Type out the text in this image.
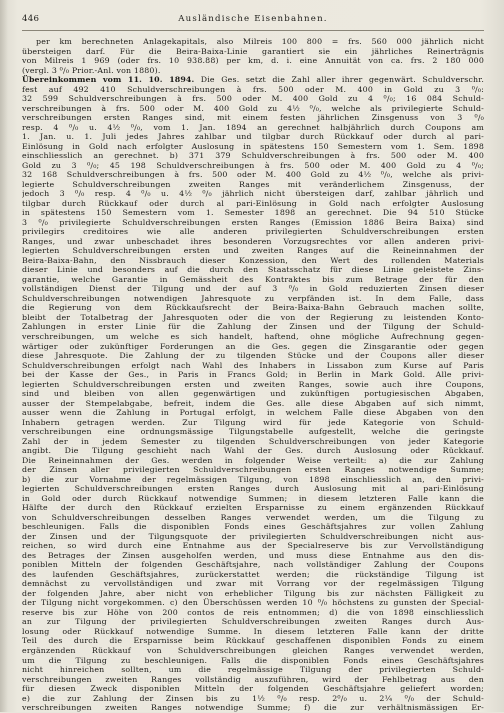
446	Ausländische Eisenbahnen.
per km berechneten Anlagekapitals, also Milreis 100 800 = frs. 560 000 jährlich nicht
übersteigen darf. Für die Beira-Baixa-Linie garantiert sie ein jährliches Reinerträgnis
von Milreis 1 969 (oder frs. 10 938.88) per km, d. i. eine Annuität von ca. frs. 2 180 000
(vergl. 3 ⁰/₀ Prior.-Anl. von 1880).
Übereinkommen vom 11. 10. 1894. Die Ges. setzt die Zahl aller ihrer gegenwärt. Schuldverschr.
fest auf 492 410 Schuldverschreibungen à frs. 500 oder M. 400 in Gold zu 3 ⁰/₀:
32 599 Schuldverschreibungen à frs. 500 oder M. 400 Gold zu 4 ⁰/₀; 16 084 Schuld-
verschreibungen à frs. 500 oder M. 400 Gold zu 4½ ⁰/₀, welche als privilegierte Schuld-
verschreibungen ersten Ranges sind, mit einem festen jährlichen Zinsgenuss von 3 ⁰/₀
resp. 4 ⁰/₀ u. 4½ ⁰/₀, vom 1. Jan. 1894 an gerechnet halbjährlich durch Coupons am
1. Jan. u. 1. Juli jedes Jahres zahlbar und tilgbar durch Rückkauf oder durch al pari-
Einlösung in Gold nach erfolgter Auslosung in spätestens 150 Semestern vom 1. Sem. 1898
einschliesslich an gerechnet. b) 371 379 Schuldverschreibungen à frs. 500 oder M. 400
Gold zu 3 ⁰/₀; 45 198 Schuldverschreibungen à frs. 500 oder M. 400 Gold zu 4 ⁰/₀;
32 168 Schuldverschreibungen à frs. 500 oder M. 400 Gold zu 4½ ⁰/₀, welche als privi-
legierte Schuldverschreibungen zweiten Ranges mit veränderlichem Zinsgenuss, der
jedoch 3 ⁰/₀ resp. 4 ⁰/₀ u. 4½ ⁰/₀ jährlich nicht übersteigen darf, zahlbar jährlich und
tilgbar durch Rückkauf oder durch al pari-Einlösung in Gold nach erfolgter Auslosung
in spätestens 150 Semestern vom 1. Semester 1898 an gerechnet. Die 94 510 Stücke
3 ⁰/₀ privilegierte Schuldverschreibungen ersten Ranges (Emission 1886 Beira Baixa) sind
privilegirs creditoires wie alle anderen privilegierten Schuldverschreibungen ersten
Ranges, und zwar unbeschadet ihres besonderen Vorzugsrechtes vor allen anderen privi-
legierten Schuldverschreibungen ersten und zweiten Ranges auf die Reineinnahmen der
Beira-Baixa-Bahn, den Nissbrauch dieser Konzession, den Wert des rollenden Materials
dieser Linie und besonders auf die durch den Staatsschatz für diese Linie geleistete Zins-
garantie, welche Garantie in Gemässheit des Kontraktes bis zum Betrage der für den
vollständigen Dienst der Tilgung und der auf 3 ⁰/₀ in Gold reduzierten Zinsen dieser
Schuldverschreibungen notwendigen Jahresquote zu verpfänden ist. In dem Falle, dass
die Regierung von dem Rückkaufsrecht der Beira-Baixa-Bahn Gebrauch machen sollte,
bleibt der Totalbetrag der Jahresquoten oder die von der Regierung zu leistenden Konto-
Zahlungen in erster Linie für die Zahlung der Zinsen und der Tilgung der Schuld-
verschreibungen, um welche es sich handelt, haftend, ohne mögliche Aufrechnung gegen-
wärtiger oder zukünftiger Forderungen an die Ges. gegen die Zinsgarantie oder gegen
diese Jahresquote. Die Zahlung der zu tilgenden Stücke und der Coupons aller dieser
Schuldverschreibungen erfolgt nach Wahl des Inhabers in Lissabon zum Kurse auf Paris
bei der Kasse der Ges., in Paris in Francs Gold; in Berlin in Mark Gold. Alle privi-
legierten Schuldverschreibungen ersten und zweiten Ranges, sowie auch ihre Coupons,
sind und bleiben von allen gegenwärtigen und zukünftigen portugiesischen Abgaben,
ausser der Stempelabgabe, befreit, indem die Ges. alle diese Abgaben auf sich nimmt,
ausser wenn die Zahlung in Portugal erfolgt, in welchem Falle diese Abgaben von den
Inhabern getragen werden. Zur Tilgung wird für jede Kategorie von Schuld-
verschreibungen eine ordnungsmässige Tilgungstabelle aufgestellt, welche die geringste
Zahl der in jedem Semester zu tilgenden Schuldverschreibungen von jeder Kategorie
angibt. Die Tilgung geschieht nach Wahl der Ges. durch Auslosung oder Rückkauf.
Die Reineinnahmen der Ges. werden in folgender Weise verteilt: a) die zur Zahlung
der Zinsen aller privilegierten Schuldverschreibungen ersten Ranges notwendige Summe;
b) die zur Vornahme der regelmässigen Tilgung, von 1898 einschliesslich an, den privi-
legierten Schuldverschreibungen ersten Ranges durch Auslosung mit al pari-Einlösung
in Gold oder durch Rückkauf notwendige Summen; in diesem letzteren Falle kann die
Hälfte der durch den Rückkauf erzielten Ersparnisse zu einem ergänzenden Rückkauf
von Schuldverschreibungen desselben Ranges verwendet werden, um die Tilgung zu
beschleunigen. Falls die disponiblen Fonds eines Geschäftsjahres zur vollen Zahlung
der Zinsen und der Tilgungsquote der privilegierten Schuldverschreibungen nicht aus-
reichen, so wird durch eine Entnahme aus der Specialreserve bis zur Vervollständigung
des Betrages der Zinsen ausgeholfen werden, und muss diese Entnahme aus den dis-
poniblen Mitteln der folgenden Geschäftsjahre, nach vollständiger Zahlung der Coupons
des laufenden Geschäftsjahres, zurückerstattet werden; die rückständige Tilgung ist
demnächst zu vervollständigen und zwar mit Vorrang vor der regelmässigen Tilgung
der folgenden Jahre, aber nicht von erheblicher Tilgung bis zur nächsten Fälligkeit zu
der Tilgung nicht vorgekommen. c) den Überschüssen werden 10 ⁰/₀ höchstens zu gunsten der Special-
reserve bis zur Höhe von 200 contos de reis entnommen; d) die von 1898 einschliesslich
an zur Tilgung der privilegierten Schuldverschreibungen zweiten Ranges durch Aus-
losung oder Rückkauf notwendige Summe. In diesem letzteren Falle kann der dritte
Teil des durch die Ersparnisse beim Rückkauf geschaffenen disponiblen Fonds zu einem
ergänzenden Rückkauf von Schuldverschreibungen gleichen Ranges verwendet werden,
um die Tilgung zu beschleunigen. Falls die disponiblen Fonds eines Geschäftsjahres
nicht hinreichen sollten, um die regelmässige Tilgung der privilegierten Schuld-
verschreibungen zweiten Ranges vollständig auszuführen, wird der Fehlbetrag aus den
für diesen Zweck disponiblen Mitteln der folgenden Geschäftsjahre geliefert worden;
e) die zur Zahlung der Zinsen bis zu 1½ ⁰/₀ resp. 2⁰/₀ u. 2¼ ⁰/₀ der Schuld-
verschreibungen zweiten Ranges notwendige Summe; f) die zur verhältnismässigen Er-
